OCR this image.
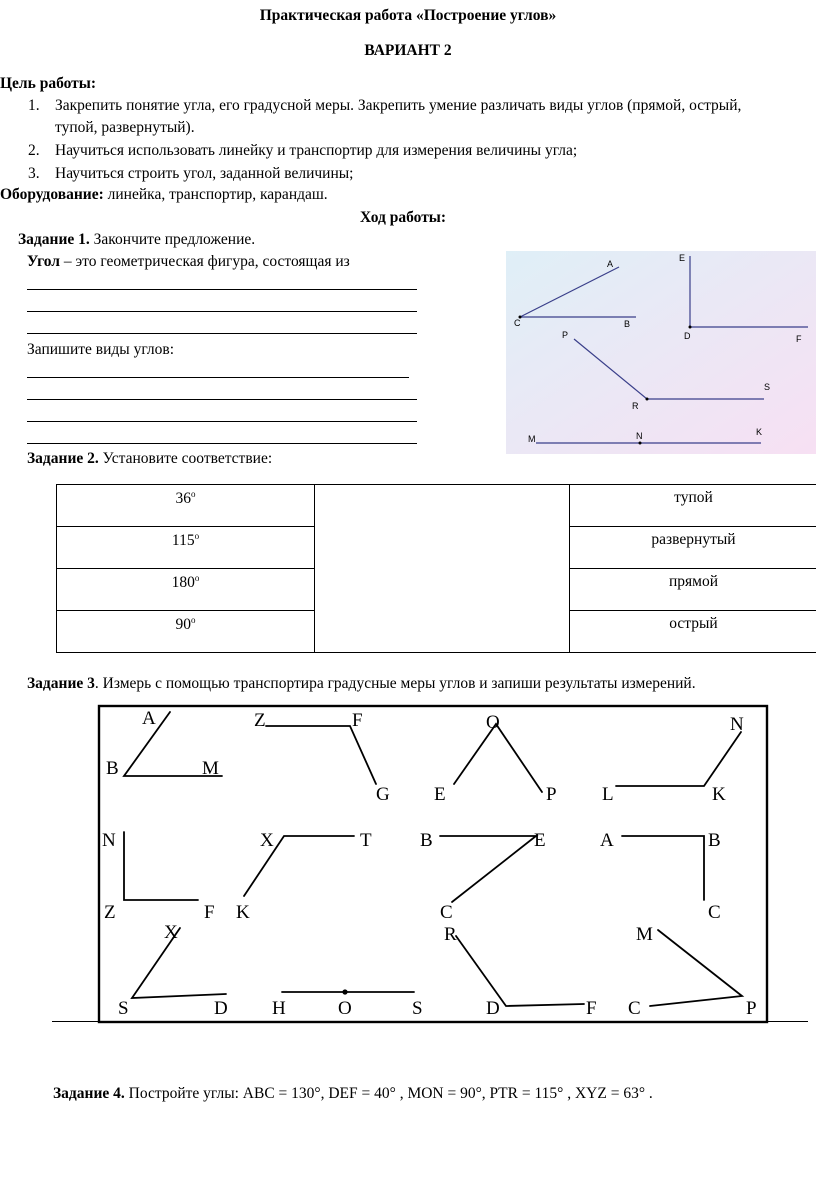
Практическая работа «Построение углов»
ВАРИАНТ 2
Цель работы:
1. Закрепить понятие угла, его градусной меры. Закрепить умение различать виды углов (прямой, острый,
тупой, развернутый).
2. Научиться использовать линейку и транспортир для измерения величины угла;
3. Научиться строить угол, заданной величины;
Оборудование: линейка, транспортир, карандаш.
Ход работы:
Задание 1. Закончите предложение.
Угол – это геометрическая фигура, состоящая из
Запишите виды углов:
A
C	B
E
D	F
P
R
S
M	N	K
Задание 2. Установите соответствие:
$36^о$		тупой
$115^о$		развернутый
$180^о$		прямой
$90^о$		острый
Задание 3. Измерь с помощью транспортира градусные меры углов и запиши результаты измерений.
A
B	M
Z	F
G
O
E	P
N
L	K
N
Z	F
X	T
K
B	E
C
A	B
C
X
S	D H	O	S
R
D	F
M
C	P
Задание 4. Постройте углы: ABC = 130°, DEF = 40° , MON = 90°, PTR = 115° , XYZ = 63° .
